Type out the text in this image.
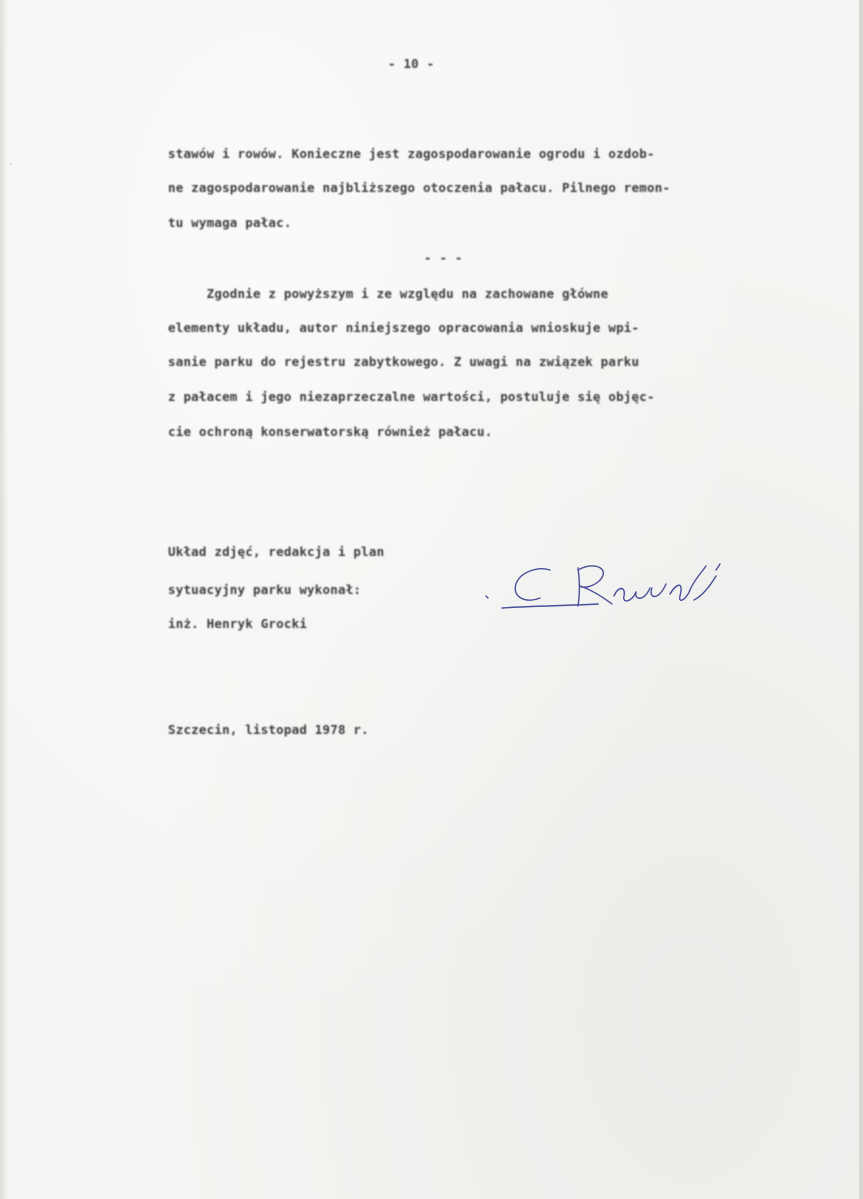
- 10 -
stawów i rowów. Konieczne jest zagospodarowanie ogrodu i ozdob-
ne zagospodarowanie najbliższego otoczenia pałacu. Pilnego remon-
tu wymaga pałac.
- - -
Zgodnie z powyższym i ze względu na zachowane główne
elementy układu, autor niniejszego opracowania wnioskuje wpi-
sanie parku do rejestru zabytkowego. Z uwagi na związek parku
z pałacem i jego niezaprzeczalne wartości, postuluje się objęc-
cie ochroną konserwatorską również pałacu.
Układ zdjęć, redakcja i plan
sytuacyjny parku wykonał:
inż. Henryk Grocki
Szczecin, listopad 1978 r.
